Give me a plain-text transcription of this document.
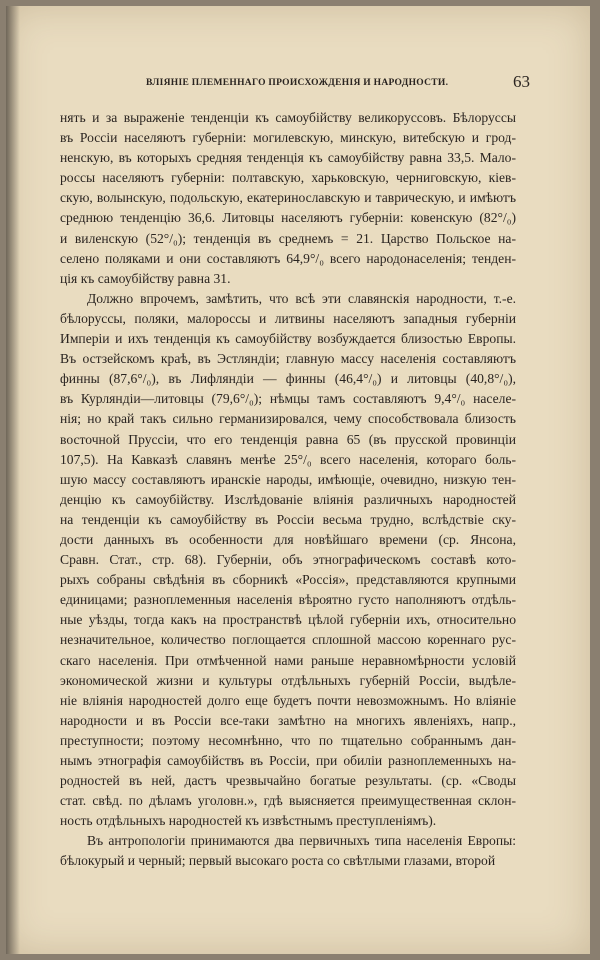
ВЛІЯНІЕ ПЛЕМЕННАГО ПРОИСХОЖДЕНІЯ И НАРОДНОСТИ.	63
нять и за выраженіе тенденціи къ самоубійству великоруссовъ. Бѣлоруссы
въ Россіи населяютъ губерніи: могилевскую, минскую, витебскую и грод-
ненскую, въ которыхъ средняя тенденція къ самоубійству равна 33,5. Мало-
россы населяютъ губерніи: полтавскую, харьковскую, черниговскую, кіев-
скую, волынскую, подольскую, екатеринославскую и таврическую, и имѣютъ
среднюю тенденцію 36,6. Литовцы населяютъ губерніи: ковенскую (82°/₀)
и виленскую (52°/₀); тенденція въ среднемъ = 21. Царство Польское на-
селено поляками и они составляютъ 64,9°/₀ всего народонаселенія; тенден-
ція къ самоубійству равна 31.
Должно впрочемъ, замѣтить, что всѣ эти славянскія народности, т.-е.
бѣлоруссы, поляки, малороссы и литвины населяютъ западныя губерніи
Имперіи и ихъ тенденція къ самоубійству возбуждается близостью Европы.
Въ остзейскомъ краѣ, въ Эстляндіи; главную массу населенія составляютъ
финны (87,6°/₀), въ Лифляндіи — финны (46,4°/₀) и литовцы (40,8°/₀),
въ Курляндіи—литовцы (79,6°/₀); нѣмцы тамъ составляютъ 9,4°/₀ населе-
нія; но край такъ сильно германизировался, чему способствовала близость
восточной Пруссіи, что его тенденція равна 65 (въ прусской провинціи
107,5). На Кавказѣ славянъ менѣе 25°/₀ всего населенія, котораго боль-
шую массу составляютъ иранскіе народы, имѣющіе, очевидно, низкую тен-
денцію къ самоубійству. Изслѣдованіе вліянія различныхъ народностей
на тенденціи къ самоубійству въ Россіи весьма трудно, вслѣдствіе ску-
дости данныхъ въ особенности для новѣйшаго времени (ср. Янсона,
Сравн. Стат., стр. 68). Губерніи, объ этнографическомъ составѣ кото-
рыхъ собраны свѣдѣнія въ сборникѣ «Россія», представляются крупными
единицами; разноплеменныя населенія вѣроятно густо наполняютъ отдѣль-
ные уѣзды, тогда какъ на пространствѣ цѣлой губерніи ихъ, относительно
незначительное, количество поглощается сплошной массою кореннаго рус-
скаго населенія. При отмѣченной нами раньше неравномѣрности условій
экономической жизни и культуры отдѣльныхъ губерній Россіи, выдѣле-
ніе вліянія народностей долго еще будетъ почти невозможнымъ. Но вліяніе
народности и въ Россіи все-таки замѣтно на многихъ явленіяхъ, напр.,
преступности; поэтому несомнѣнно, что по тщательно собраннымъ дан-
нымъ этнографія самоубійствъ въ Россіи, при обиліи разноплеменныхъ на-
родностей въ ней, дастъ чрезвычайно богатые результаты. (ср. «Своды
стат. свѣд. по дѣламъ уголовн.», гдѣ выясняется преимущественная склон-
ность отдѣльныхъ народностей къ извѣстнымъ преступленіямъ).
Въ антропологіи принимаются два первичныхъ типа населенія Европы:
бѣлокурый и черный; первый высокаго роста со свѣтлыми глазами, второй
